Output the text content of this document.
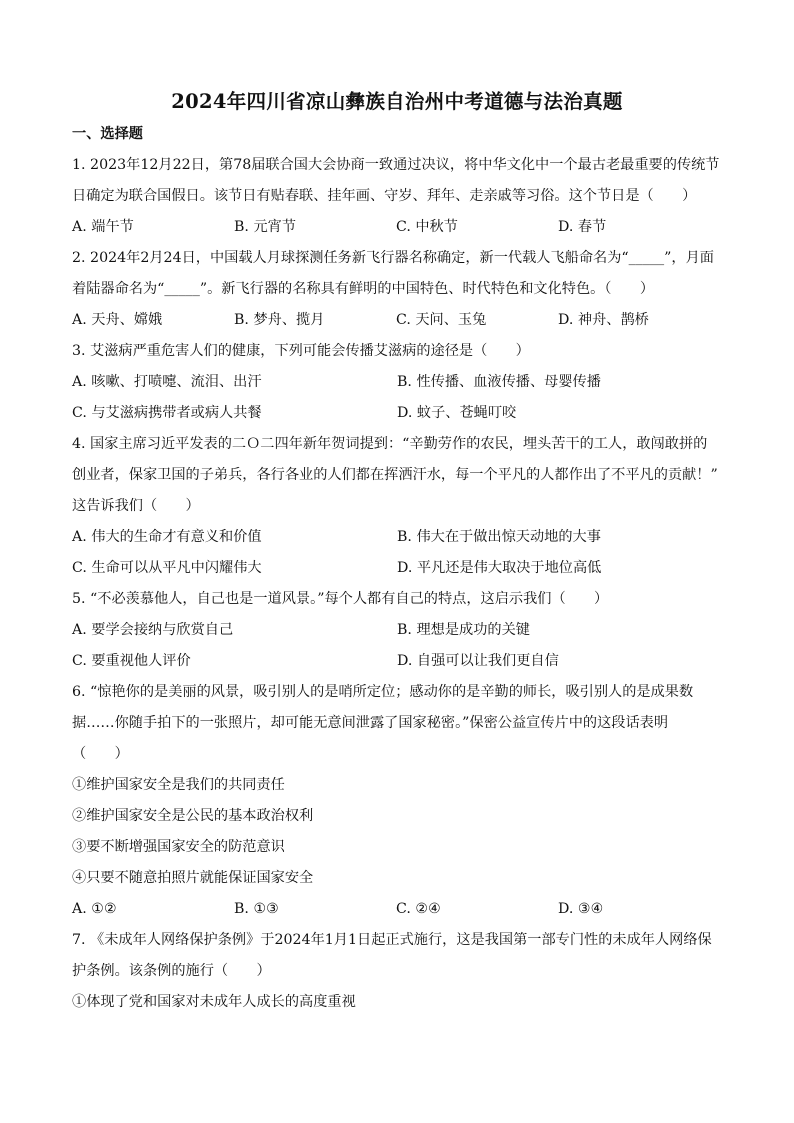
2024年四川省凉山彝族自治州中考道德与法治真题
一、选择题
1. 2023年12月22日，第78届联合国大会协商一致通过决议，将中华文化中一个最古老最重要的传统节
日确定为联合国假日。该节日有贴春联、挂年画、守岁、拜年、走亲戚等习俗。这个节日是（　　）
A. 端午节	B. 元宵节	C. 中秋节	D. 春节
2. 2024年2月24日，中国载人月球探测任务新飞行器名称确定，新一代载人飞船命名为“_____”，月面
着陆器命名为“_____”。新飞行器的名称具有鲜明的中国特色、时代特色和文化特色。（　　）
A. 天舟、嫦娥	B. 梦舟、揽月	C. 天问、玉兔	D. 神舟、鹊桥
3. 艾滋病严重危害人们的健康，下列可能会传播艾滋病的途径是（　　）
A. 咳嗽、打喷嚏、流泪、出汗	B. 性传播、血液传播、母婴传播
C. 与艾滋病携带者或病人共餐	D. 蚊子、苍蝇叮咬
4. 国家主席习近平发表的二Ｏ二四年新年贺词提到：“辛勤劳作的农民，埋头苦干的工人，敢闯敢拼的
创业者，保家卫国的子弟兵，各行各业的人们都在挥洒汗水，每一个平凡的人都作出了不平凡的贡献！”
这告诉我们（　　）
A. 伟大的生命才有意义和价值	B. 伟大在于做出惊天动地的大事
C. 生命可以从平凡中闪耀伟大	D. 平凡还是伟大取决于地位高低
5. “不必羡慕他人，自己也是一道风景。”每个人都有自己的特点，这启示我们（　　）
A. 要学会接纳与欣赏自己	B. 理想是成功的关键
C. 要重视他人评价	D. 自强可以让我们更自信
6. “惊艳你的是美丽的风景，吸引别人的是哨所定位；感动你的是辛勤的师长，吸引别人的是成果数
据……你随手拍下的一张照片，却可能无意间泄露了国家秘密。”保密公益宣传片中的这段话表明
（　　）
①维护国家安全是我们的共同责任
②维护国家安全是公民的基本政治权利
③要不断增强国家安全的防范意识
④只要不随意拍照片就能保证国家安全
A. ①②	B. ①③	C. ②④	D. ③④
7. 《未成年人网络保护条例》于2024年1月1日起正式施行，这是我国第一部专门性的未成年人网络保
护条例。该条例的施行（　　）
①体现了党和国家对未成年人成长的高度重视
